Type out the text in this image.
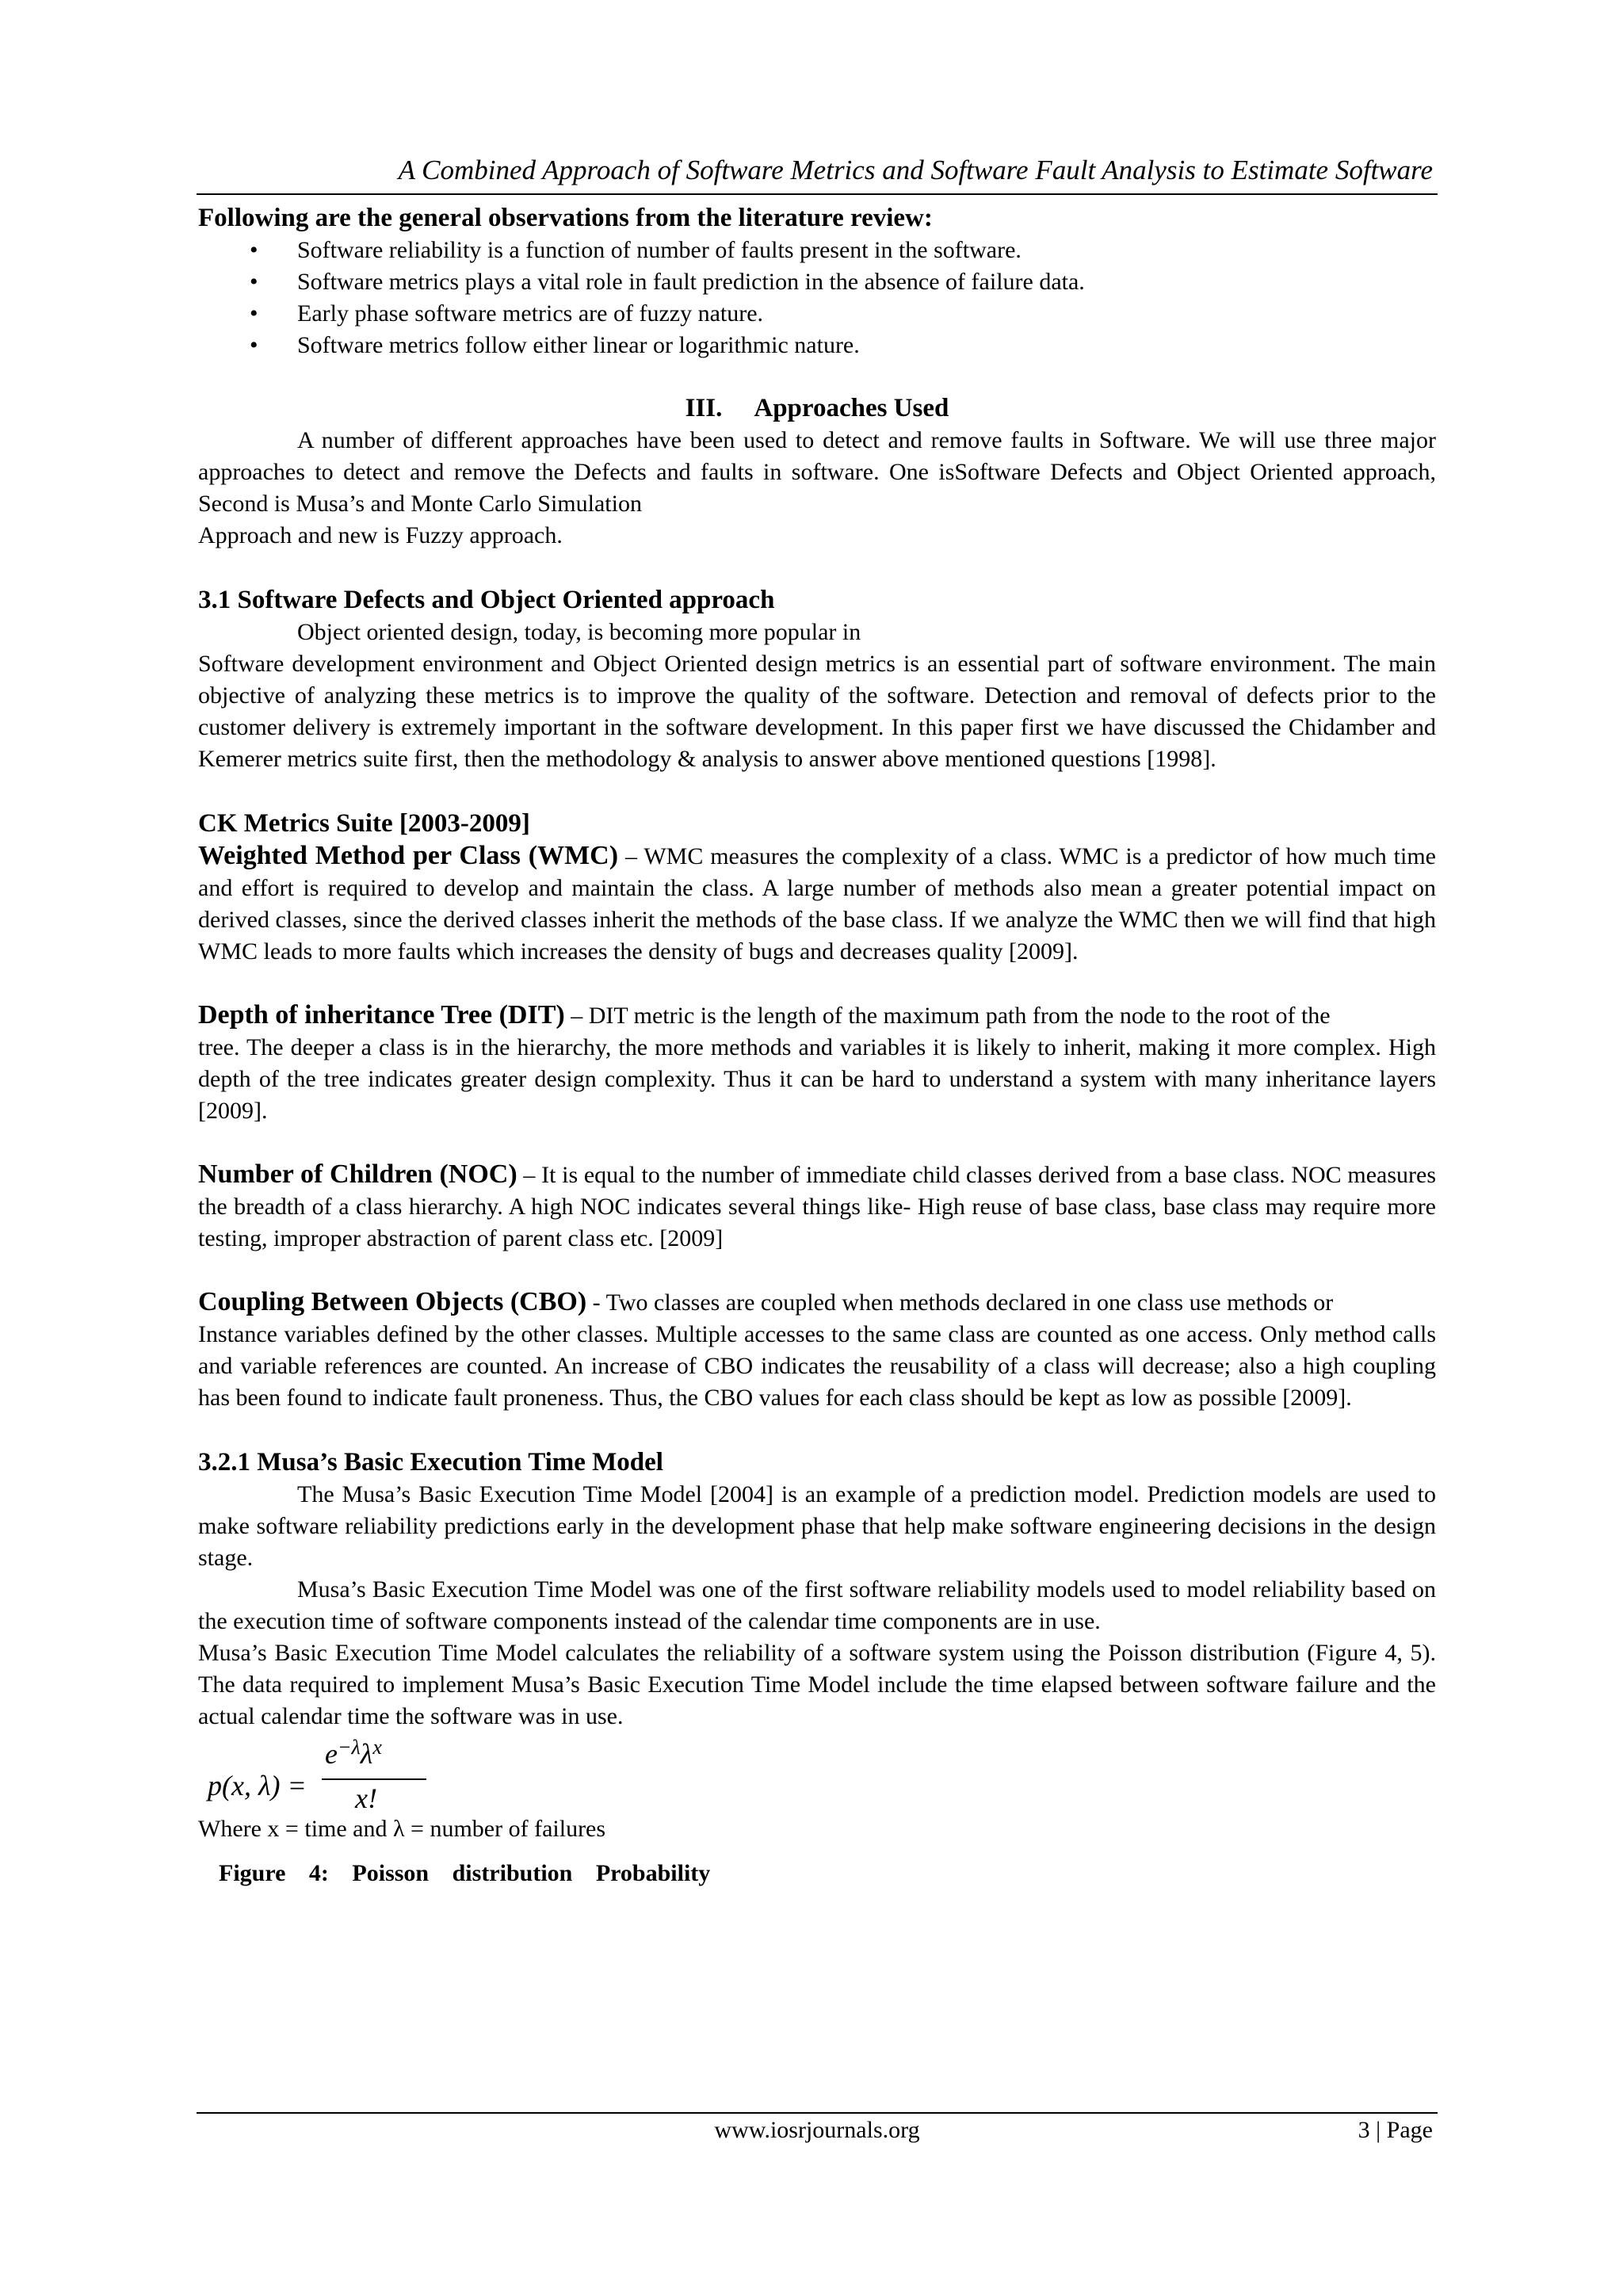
A Combined Approach of Software Metrics and Software Fault Analysis to Estimate Software
Following are the general observations from the literature review:
• Software reliability is a function of number of faults present in the software.
• Software metrics plays a vital role in fault prediction in the absence of failure data.
• Early phase software metrics are of fuzzy nature.
• Software metrics follow either linear or logarithmic nature.
III. Approaches Used
A number of different approaches have been used to detect and remove faults in Software. We will use three major approaches to detect and remove the Defects and faults in software. One isSoftware Defects and Object Oriented approach, Second is Musa’s and Monte Carlo Simulation
Approach and new is Fuzzy approach.
3.1 Software Defects and Object Oriented approach
Object oriented design, today, is becoming more popular in
Software development environment and Object Oriented design metrics is an essential part of software environment. The main objective of analyzing these metrics is to improve the quality of the software. Detection and removal of defects prior to the customer delivery is extremely important in the software development. In this paper first we have discussed the Chidamber and Kemerer metrics suite first, then the methodology & analysis to answer above mentioned questions [1998].
CK Metrics Suite [2003-2009]
Weighted Method per Class (WMC) – WMC measures the complexity of a class. WMC is a predictor of how much time and effort is required to develop and maintain the class. A large number of methods also mean a greater potential impact on derived classes, since the derived classes inherit the methods of the base class. If we analyze the WMC then we will find that high WMC leads to more faults which increases the density of bugs and decreases quality [2009].
Depth of inheritance Tree (DIT) – DIT metric is the length of the maximum path from the node to the root of the
tree. The deeper a class is in the hierarchy, the more methods and variables it is likely to inherit, making it more complex. High depth of the tree indicates greater design complexity. Thus it can be hard to understand a system with many inheritance layers [2009].
Number of Children (NOC) – It is equal to the number of immediate child classes derived from a base class. NOC measures the breadth of a class hierarchy. A high NOC indicates several things like- High reuse of base class, base class may require more testing, improper abstraction of parent class etc. [2009]
Coupling Between Objects (CBO) - Two classes are coupled when methods declared in one class use methods or
Instance variables defined by the other classes. Multiple accesses to the same class are counted as one access. Only method calls and variable references are counted. An increase of CBO indicates the reusability of a class will decrease; also a high coupling has been found to indicate fault proneness. Thus, the CBO values for each class should be kept as low as possible [2009].
3.2.1 Musa’s Basic Execution Time Model
The Musa’s Basic Execution Time Model [2004] is an example of a prediction model. Prediction models are used to make software reliability predictions early in the development phase that help make software engineering decisions in the design stage.
Musa’s Basic Execution Time Model was one of the first software reliability models used to model reliability based on the execution time of software components instead of the calendar time components are in use.
Musa’s Basic Execution Time Model calculates the reliability of a software system using the Poisson distribution (Figure 4, 5). The data required to implement Musa’s Basic Execution Time Model include the time elapsed between software failure and the actual calendar time the software was in use.
p(x, λ) =
$e^{-\lambda}\lambda^x$
x!
Where x = time and λ = number of failures
Figure 4: Poisson distribution Probability
www.iosrjournals.org	3 | Page
